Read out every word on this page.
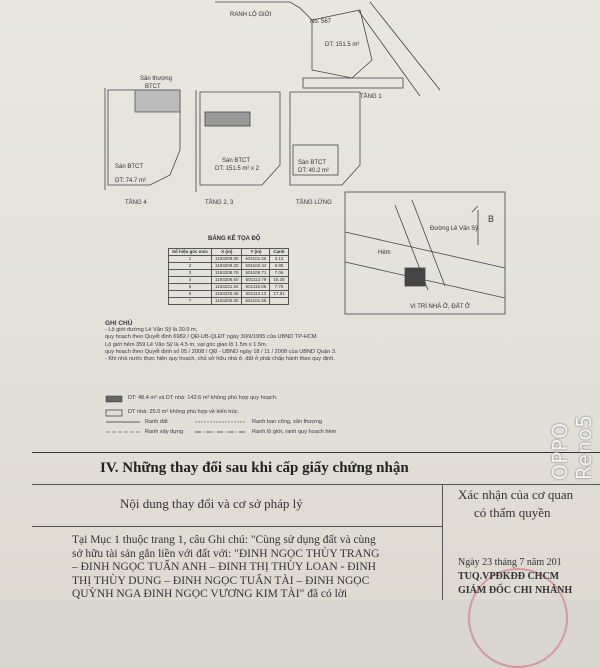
RANH LỘ GIỚI
No. 567
DT: 151.5 m²
TẦNG 1
Sân thượng
BTCT
Sàn BTCT
DT: 74.7 m²
TẦNG 4
Sàn BTCT
DT: 151.5 m² x 2
TẦNG 2, 3
Sàn BTCT
DT: 40.2 m²
TẦNG LỬNG
VI TRÍ NHÀ Ở, ĐẤT Ở
Đường Lê Văn Sỹ
Hẻm
B
BẢNG KÊ TỌA ĐỘ
Số hiệu góc móc	X (m)	Y (m)	Cạnh
1	1193209.80	601101.68	3.13
2	1193209.20	601102.44	6.86
3	1193208.78	601106.71	7.06
4	1193206.60	601113.79	15.35
5	1193221.84	601116.06	7.76
6	1193225.48	601113.13	17.81
7	1193206.80	601101.68	
GHI CHÚ
- Lộ giới đường Lê Văn Sỹ là 30.0 m,
quy hoạch theo Quyết định 6982 / QĐ-UB-QLĐT ngày 30/9/1995 của UBND TP-HCM.
Lộ giới hẻm 359 Lê Văn Sỹ là 4.5 m, vạt góc giao lộ 1.5m x 1.5m,
quy hoạch theo Quyết định số 05 / 2008 / QĐ - UBND ngày 18 / 11 / 2008 của UBND Quận 3.
- Khi nhà nước thực hiện quy hoạch, chủ sở hữu nhà ở, đất ở phải chấp hành theo quy định.
DT: 48.4 m² và DT nhà: 142.6 m² không phù hợp quy hoạch.
DT nhà: 25.0 m² không phù hợp về kiến trúc.
Ranh đất	Ranh ban công, sân thượng
Ranh xây dựng	Ranh lộ giới, ranh quy hoạch hẻm
IV. Những thay đổi sau khi cấp giấy chứng nhận
Nội dung thay đổi và cơ sở pháp lý
Xác nhận của cơ quan
có thẩm quyền
Tại Mục 1 thuộc trang 1, câu Ghi chú: "Cùng sử dụng đất và cùng
sở hữu tài sản gắn liền với đất với: "ĐINH NGỌC THÙY TRANG
– ĐINH NGỌC TUẤN ANH – ĐINH THỊ THÙY LOAN - ĐINH
THỊ THÙY DUNG – ĐINH NGỌC TUẤN TÀI – ĐINH NGỌC
QUỲNH NGA ĐINH NGỌC VƯƠNG KIM TÀI" đã có lời
Ngày 23 tháng 7 năm 201
TUQ.VPĐKĐĐ CHCM
GIÁM ĐỐC CHI NHÁNH
OPPO Reno5
